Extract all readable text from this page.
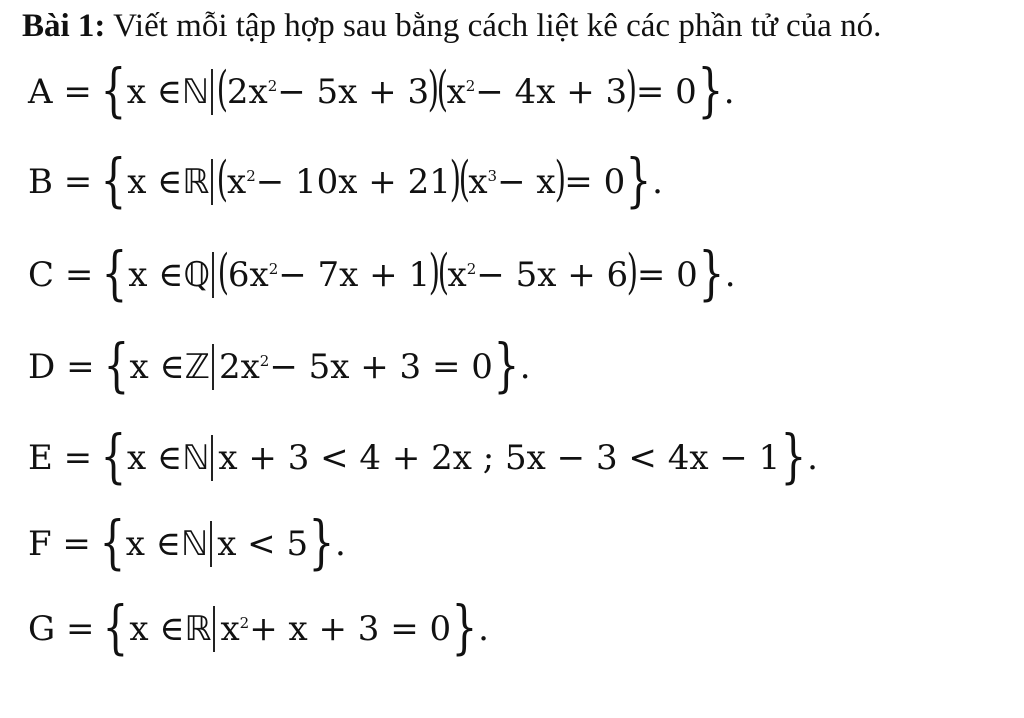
Bài 1: Viết mỗi tập hợp sau bằng cách liệt kê các phần tử của nó.
A = { x ∈ ℕ (
$2x^2 - 5x + 3$
)
(
$x^2 - 4x + 3$
)
= 0 } .
B = { x ∈ ℝ (
$x^2 - 10x + 21$
)
(
$x^3 - x$
)
= 0 } .
C = { x ∈ ℚ (
$6x^2 - 7x + 1$
)
(
$x^2 - 5x + 6$
)
= 0 } .
D = { x ∈ ℤ $2x^2 - 5x + 3 = 0$ } .
E = { x ∈ ℕ x + 3 < 4 + 2x ; 5x − 3 < 4x − 1 } .
F = { x ∈ ℕ x < 5 } .
G = { x ∈ ℝ $x^2 + x + 3 = 0$ } .
